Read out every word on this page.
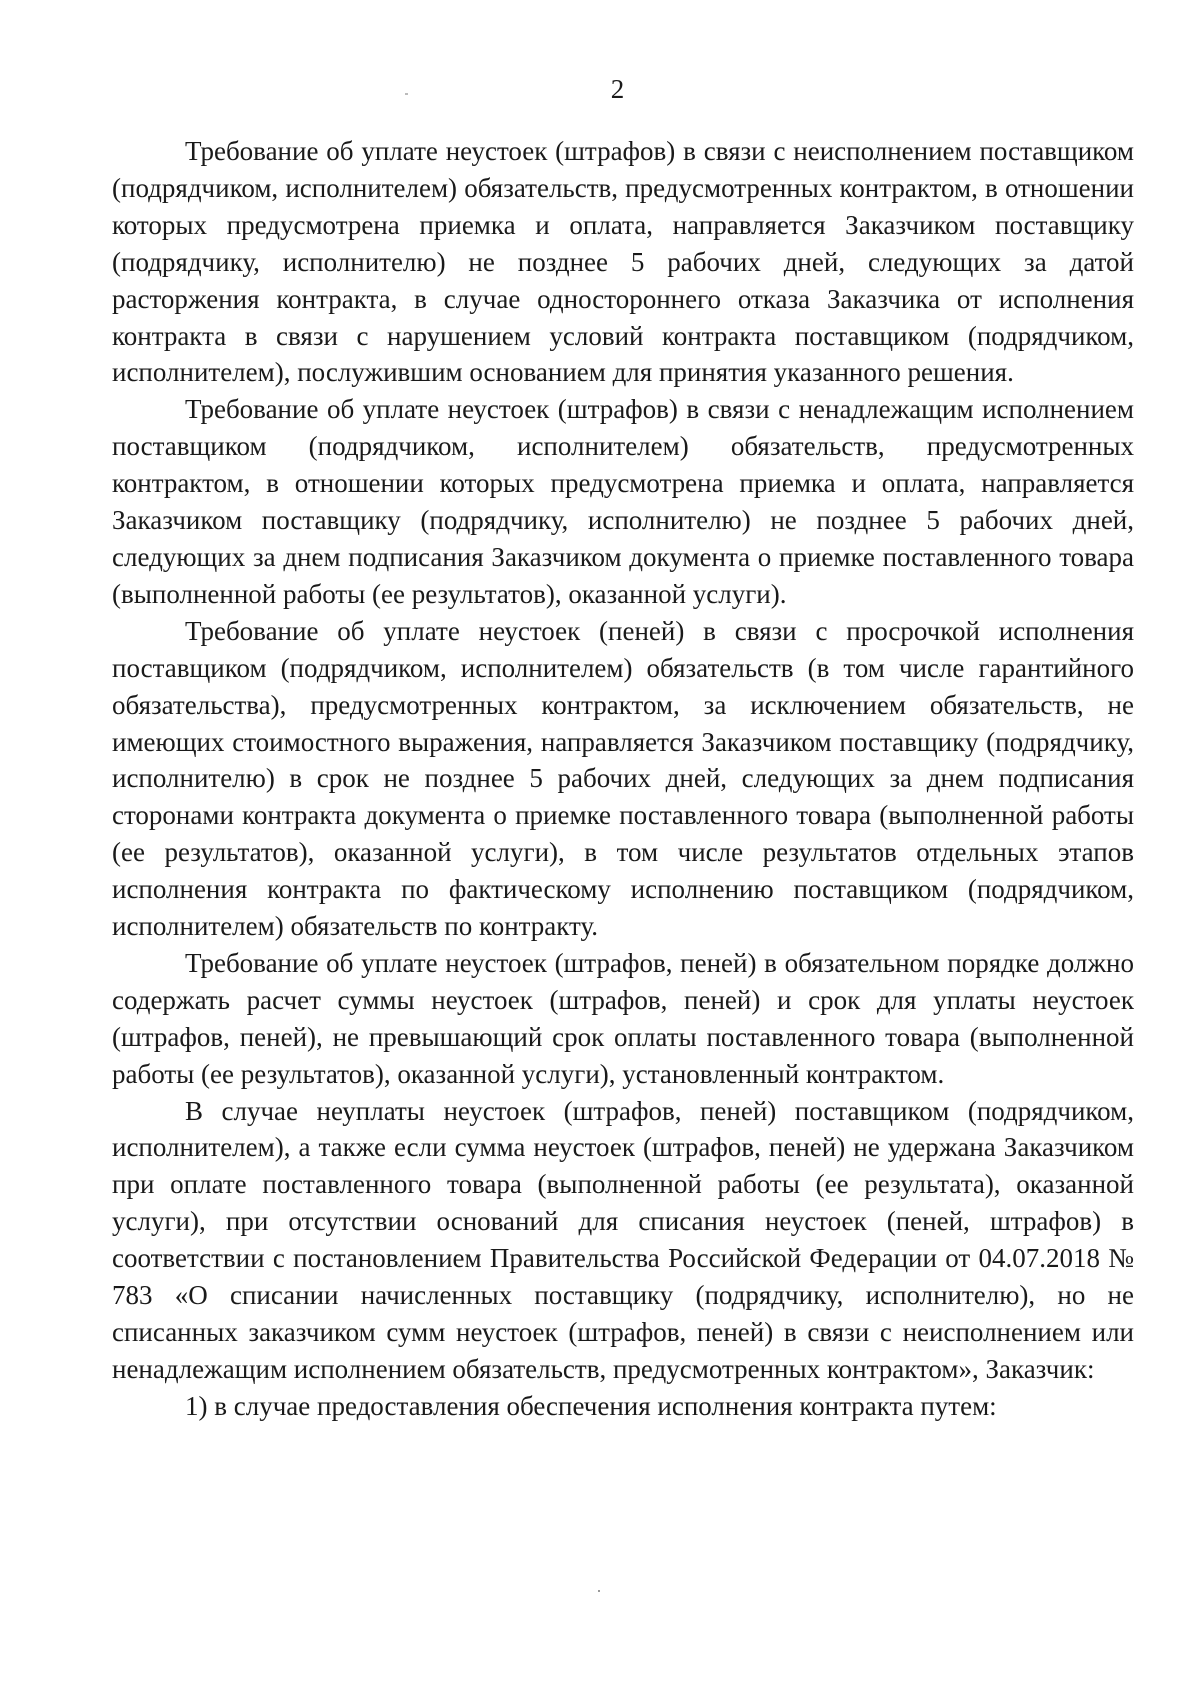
2

Требование об уплате неустоек (штрафов) в связи с неисполнением поставщиком (подрядчиком, исполнителем) обязательств, предусмотренных контрактом, в отношении которых предусмотрена приемка и оплата, направляется Заказчиком поставщику (подрядчику, исполнителю) не позднее 5 рабочих дней, следующих за датой расторжения контракта, в случае одностороннего отказа Заказчика от исполнения контракта в связи с нарушением условий контракта поставщиком (подрядчиком, исполнителем), послужившим основанием для принятия указанного решения.

Требование об уплате неустоек (штрафов) в связи с ненадлежащим исполнением поставщиком (подрядчиком, исполнителем) обязательств, предусмотренных контрактом, в отношении которых предусмотрена приемка и оплата, направляется Заказчиком поставщику (подрядчику, исполнителю) не позднее 5 рабочих дней, следующих за днем подписания Заказчиком документа о приемке поставленного товара (выполненной работы (ее результатов), оказанной услуги).

Требование об уплате неустоек (пеней) в связи с просрочкой исполнения поставщиком (подрядчиком, исполнителем) обязательств (в том числе гарантийного обязательства), предусмотренных контрактом, за исключением обязательств, не имеющих стоимостного выражения, направляется Заказчиком поставщику (подрядчику, исполнителю) в срок не позднее 5 рабочих дней, следующих за днем подписания сторонами контракта документа о приемке поставленного товара (выполненной работы (ее результатов), оказанной услуги), в том числе результатов отдельных этапов исполнения контракта по фактическому исполнению поставщиком (подрядчиком, исполнителем) обязательств по контракту.

Требование об уплате неустоек (штрафов, пеней) в обязательном порядке должно содержать расчет суммы неустоек (штрафов, пеней) и срок для уплаты неустоек (штрафов, пеней), не превышающий срок оплаты поставленного товара (выполненной работы (ее результатов), оказанной услуги), установленный контрактом.

В случае неуплаты неустоек (штрафов, пеней) поставщиком (подрядчиком, исполнителем), а также если сумма неустоек (штрафов, пеней) не удержана Заказчиком при оплате поставленного товара (выполненной работы (ее результата), оказанной услуги), при отсутствии оснований для списания неустоек (пеней, штрафов) в соответствии с постановлением Правительства Российской Федерации от 04.07.2018 № 783 «О списании начисленных поставщику (подрядчику, исполнителю), но не списанных заказчиком сумм неустоек (штрафов, пеней) в связи с неисполнением или ненадлежащим исполнением обязательств, предусмотренных контрактом», Заказчик:

1) в случае предоставления обеспечения исполнения контракта путем:
